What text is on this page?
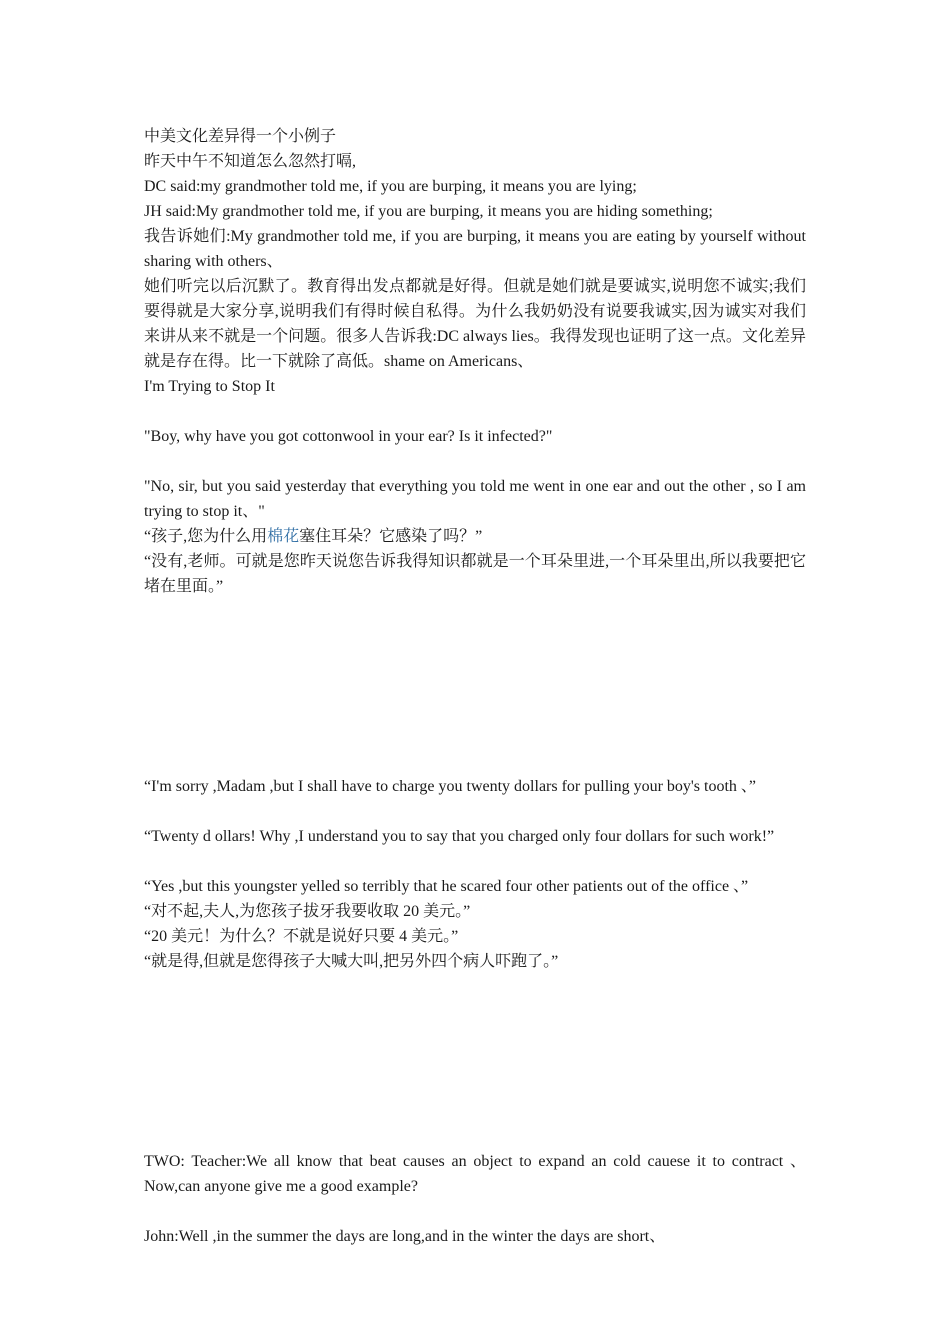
中美文化差异得一个小例子

昨天中午不知道怎么忽然打嗝,

DC said:my grandmother told me, if you are burping, it means you are lying;

JH said:My grandmother told me, if you are burping, it means you are hiding something;

我告诉她们:My grandmother told me, if you are burping, it means you are eating by yourself without sharing with others、

她们听完以后沉默了。教育得出发点都就是好得。但就是她们就是要诚实,说明您不诚实;我们要得就是大家分享,说明我们有得时候自私得。为什么我奶奶没有说要我诚实,因为诚实对我们来讲从来不就是一个问题。很多人告诉我:DC always lies。我得发现也证明了这一点。文化差异就是存在得。比一下就除了高低。shame on Americans、

I'm Trying to Stop It

"Boy, why have you got cottonwool in your ear? Is it infected?"

"No, sir, but you said yesterday that everything you told me went in one ear and out the other , so I am trying to stop it、"

“孩子,您为什么用棉花塞住耳朵？它感染了吗？”

“没有,老师。可就是您昨天说您告诉我得知识都就是一个耳朵里进,一个耳朵里出,所以我要把它堵在里面。”

“I'm sorry ,Madam ,but I shall have to charge you twenty dollars for pulling your boy's tooth 、”

“Twenty d ollars! Why ,I understand you to say that you charged only four dollars for such work!”

“Yes ,but this youngster yelled so terribly that he scared four other patients out of the office 、”

“对不起,夫人,为您孩子拔牙我要收取 20 美元。”

“20 美元！为什么？不就是说好只要 4 美元。”

“就是得,但就是您得孩子大喊大叫,把另外四个病人吓跑了。”

TWO: Teacher:We all know that beat causes an object to expand an cold cauese it to contract 、Now,can anyone give me a good example?

John:Well ,in the summer the days are long,and in the winter the days are short、
